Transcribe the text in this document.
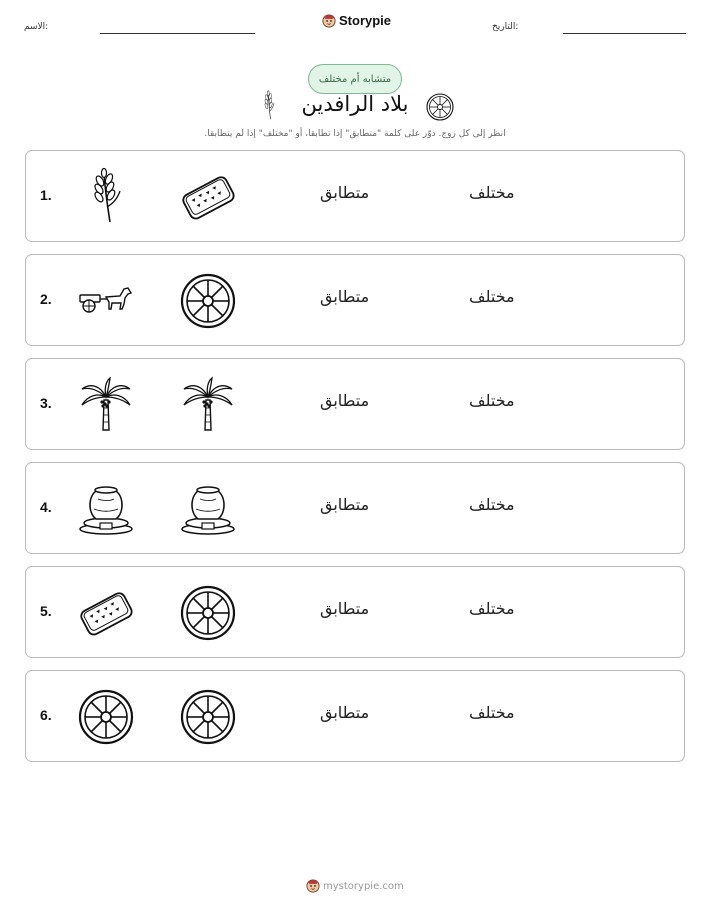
الاسم:	Storypie	التاريخ:
متشابه أم مختلف
بلاد الرافدين
انظر إلى كل زوج. دوّر على كلمة "متطابق" إذا تطابقا، أو "مختلف" إذا لم يتطابقا.
1.	متطابق	مختلف
2.	متطابق	مختلف
3.	متطابق	مختلف
4.	متطابق	مختلف
5.	متطابق	مختلف
6.	متطابق	مختلف
mystorypie.com
